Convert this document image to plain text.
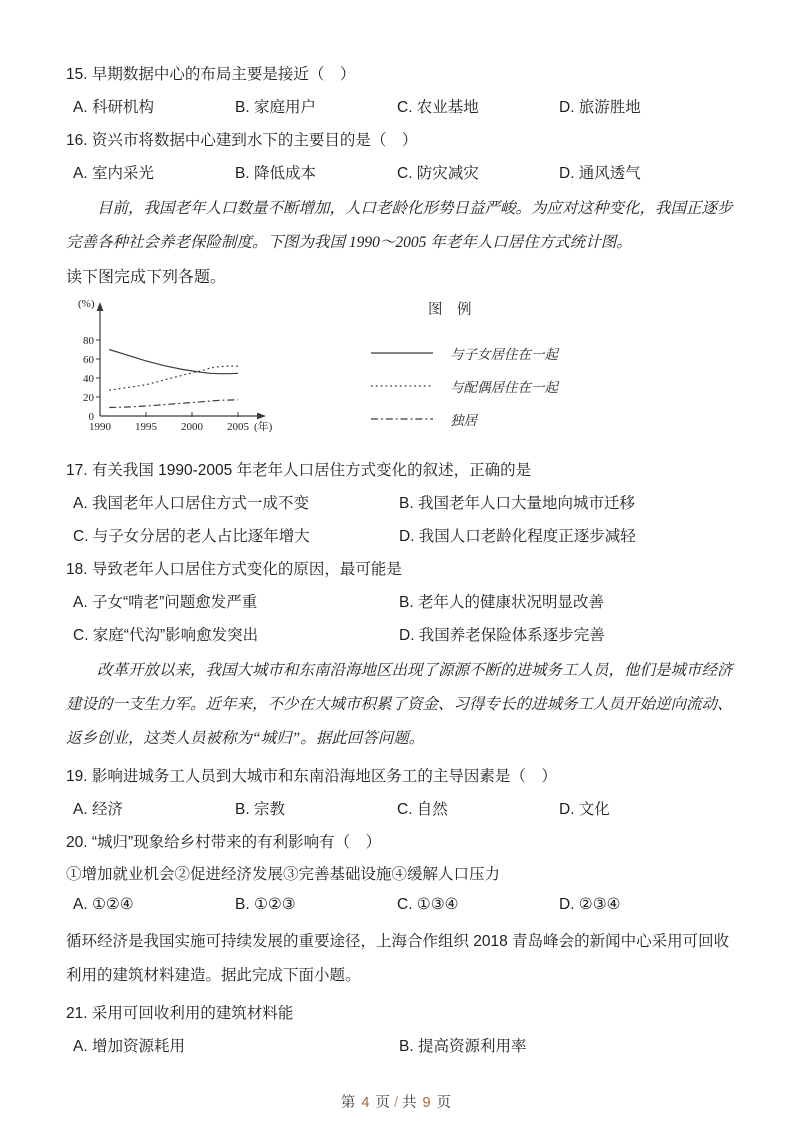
15. 早期数据中心的布局主要是接近（　）
A. 科研机构	B. 家庭用户	C. 农业基地	D. 旅游胜地
16. 资兴市将数据中心建到水下的主要目的是（　）
A. 室内采光	B. 降低成本	C. 防灾减灾	D. 通风透气
目前，我国老年人口数量不断增加，人口老龄化形势日益严峻。为应对这种变化，我国正逐步完善各种社会养老保险制度。下图为我国 1990～2005 年老年人口居住方式统计图。
读下图完成下列各题。
0
20
40
60
80
1990 1995 2000 2005
(%)
(年)
图　例
与子女居住在一起
与配偶居住在一起
独居
17. 有关我国 1990-2005 年老年人口居住方式变化的叙述，正确的是
A. 我国老年人口居住方式一成不变	B. 我国老年人口大量地向城市迁移
C. 与子女分居的老人占比逐年增大	D. 我国人口老龄化程度正逐步减轻
18. 导致老年人口居住方式变化的原因，最可能是
A. 子女“啃老”问题愈发严重	B. 老年人的健康状况明显改善
C. 家庭“代沟”影响愈发突出	D. 我国养老保险体系逐步完善
改革开放以来，我国大城市和东南沿海地区出现了源源不断的进城务工人员，他们是城市经济建设的一支生力军。近年来，不少在大城市积累了资金、习得专长的进城务工人员开始逆向流动、返乡创业，这类人员被称为“城归”。据此回答问题。
19. 影响进城务工人员到大城市和东南沿海地区务工的主导因素是（　）
A. 经济	B. 宗教	C. 自然	D. 文化
20. “城归”现象给乡村带来的有利影响有（　）
①增加就业机会②促进经济发展③完善基础设施④缓解人口压力
A. ①②④	B. ①②③	C. ①③④	D. ②③④
循环经济是我国实施可持续发展的重要途径，上海合作组织 2018 青岛峰会的新闻中心采用可回收利用的建筑材料建造。据此完成下面小题。
21. 采用可回收利用的建筑材料能
A. 增加资源耗用	B. 提高资源利用率
第 4 页 / 共 9 页
